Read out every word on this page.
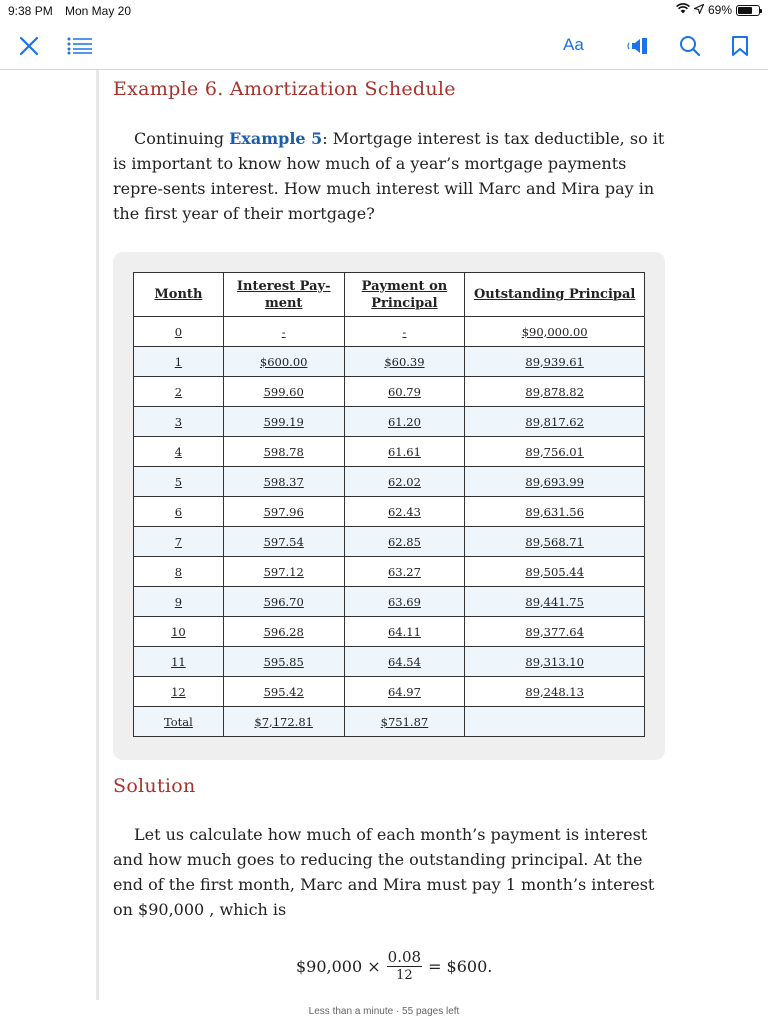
9:38 PM Mon May 20	69%
Aa
Example 6. Amortization Schedule

Continuing Example 5: Mortgage interest is tax deductible, so it is important to know how much of a year’s mortgage payments repre-sents interest. How much interest will Marc and Mira pay in the first year of their mortgage?

Month	Interest Pay-ment	Payment on Principal	Outstanding Principal
0	-	-	$90,000.00
1	$600.00	$60.39	89,939.61
2	599.60	60.79	89,878.82
3	599.19	61.20	89,817.62
4	598.78	61.61	89,756.01
5	598.37	62.02	89,693.99
6	597.96	62.43	89,631.56
7	597.54	62.85	89,568.71
8	597.12	63.27	89,505.44
9	596.70	63.69	89,441.75
10	596.28	64.11	89,377.64
11	595.85	64.54	89,313.10
12	595.42	64.97	89,248.13
Total	$7,172.81	$751.87	
Solution

Let us calculate how much of each month’s payment is interest and how much goes to reducing the outstanding principal. At the end of the first month, Marc and Mira must pay 1 month’s interest on $90,000 , which is

$90,000 × $\frac{0.08}{12}$ = $600.
Less than a minute · 55 pages left
